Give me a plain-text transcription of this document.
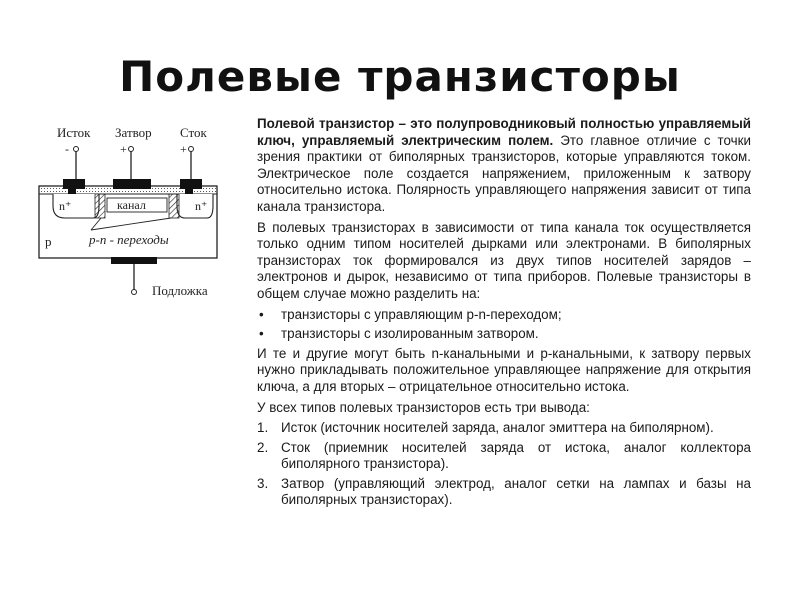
Полевые транзисторы
Исток Затвор Сток
-	+	+
n⁺	n⁺
канал
p	p-n - переходы
Подложка

Полевой транзистор – это полупроводниковый полностью управляемый ключ, управляемый электрическим полем. Это главное отличие с точки зрения практики от биполярных транзисторов, которые управляются током. Электрическое поле создается напряжением, приложенным к затвору относительно истока. Полярность управляющего напряжения зависит от типа канала транзистора.

В полевых транзисторах в зависимости от типа канала ток осуществляется только одним типом носителей дырками или электронами. В биполярных транзисторах ток формировался из двух типов носителей зарядов – электронов и дырок, независимо от типа приборов. Полевые транзисторы в общем случае можно разделить на:

• транзисторы с управляющим p-n-переходом;
• транзисторы с изолированным затвором.

И те и другие могут быть n-канальными и p-канальными, к затвору первых нужно прикладывать положительное управляющее напряжение для открытия ключа, а для вторых – отрицательное относительно истока.

У всех типов полевых транзисторов есть три вывода:

1. Исток (источник носителей заряда, аналог эмиттера на биполярном).
2. Сток (приемник носителей заряда от истока, аналог коллектора биполярного транзистора).
3. Затвор (управляющий электрод, аналог сетки на лампах и базы на биполярных транзисторах).
